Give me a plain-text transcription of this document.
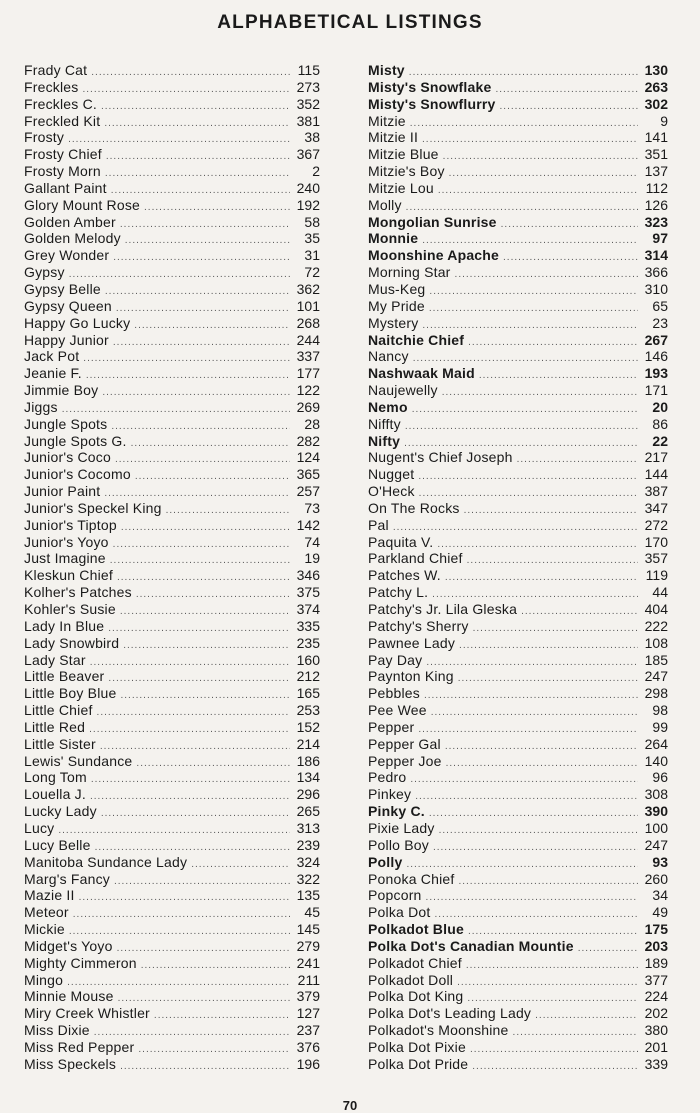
ALPHABETICAL LISTINGS
Frady Cat .....	115
Freckles .....	273
Freckles C. .....	352
Freckled Kit .....	381
Frosty .....	38
Frosty Chief .....	367
Frosty Morn .....	2
Gallant Paint .....	240
Glory Mount Rose .....	192
Golden Amber .....	58
Golden Melody .....	35
Grey Wonder .....	31
Gypsy .....	72
Gypsy Belle .....	362
Gypsy Queen .....	101
Happy Go Lucky .....	268
Happy Junior .....	244
Jack Pot .....	337
Jeanie F. .....	177
Jimmie Boy .....	122
Jiggs .....	269
Jungle Spots .....	28
Jungle Spots G. .....	282
Junior's Coco .....	124
Junior's Cocomo .....	365
Junior Paint .....	257
Junior's Speckel King .....	73
Junior's Tiptop .....	142
Junior's Yoyo .....	74
Just Imagine .....	19
Kleskun Chief .....	346
Kolher's Patches .....	375
Kohler's Susie .....	374
Lady In Blue .....	335
Lady Snowbird .....	235
Lady Star .....	160
Little Beaver .....	212
Little Boy Blue .....	165
Little Chief .....	253
Little Red .....	152
Little Sister .....	214
Lewis' Sundance .....	186
Long Tom .....	134
Louella J. .....	296
Lucky Lady .....	265
Lucy .....	313
Lucy Belle .....	239
Manitoba Sundance Lady .....	324
Marg's Fancy .....	322
Mazie II .....	135
Meteor .....	45
Mickie .....	145
Midget's Yoyo .....	279
Mighty Cimmeron .....	241
Mingo .....	211
Minnie Mouse .....	379
Miry Creek Whistler .....	127
Miss Dixie .....	237
Miss Red Pepper .....	376
Miss Speckels .....	196
Misty .....	130
Misty's Snowflake .....	263
Misty's Snowflurry .....	302
Mitzie .....	9
Mitzie II .....	141
Mitzie Blue .....	351
Mitzie's Boy .....	137
Mitzie Lou .....	112
Molly .....	126
Mongolian Sunrise .....	323
Monnie .....	97
Moonshine Apache .....	314
Morning Star .....	366
Mus-Keg .....	310
My Pride .....	65
Mystery .....	23
Naitchie Chief .....	267
Nancy .....	146
Nashwaak Maid .....	193
Naujewelly .....	171
Nemo .....	20
Niffty .....	86
Nifty .....	22
Nugent's Chief Joseph .....	217
Nugget .....	144
O'Heck .....	387
On The Rocks .....	347
Pal .....	272
Paquita V. .....	170
Parkland Chief .....	357
Patches W. .....	119
Patchy L. .....	44
Patchy's Jr. Lila Gleska .....	404
Patchy's Sherry .....	222
Pawnee Lady .....	108
Pay Day .....	185
Paynton King .....	247
Pebbles .....	298
Pee Wee .....	98
Pepper .....	99
Pepper Gal .....	264
Pepper Joe .....	140
Pedro .....	96
Pinkey .....	308
Pinky C. .....	390
Pixie Lady .....	100
Pollo Boy .....	247
Polly .....	93
Ponoka Chief .....	260
Popcorn .....	34
Polka Dot .....	49
Polkadot Blue .....	175
Polka Dot's Canadian Mountie .....	203
Polkadot Chief .....	189
Polkadot Doll .....	377
Polka Dot King .....	224
Polka Dot's Leading Lady .....	202
Polkadot's Moonshine .....	380
Polka Dot Pixie .....	201
Polka Dot Pride .....	339
70
